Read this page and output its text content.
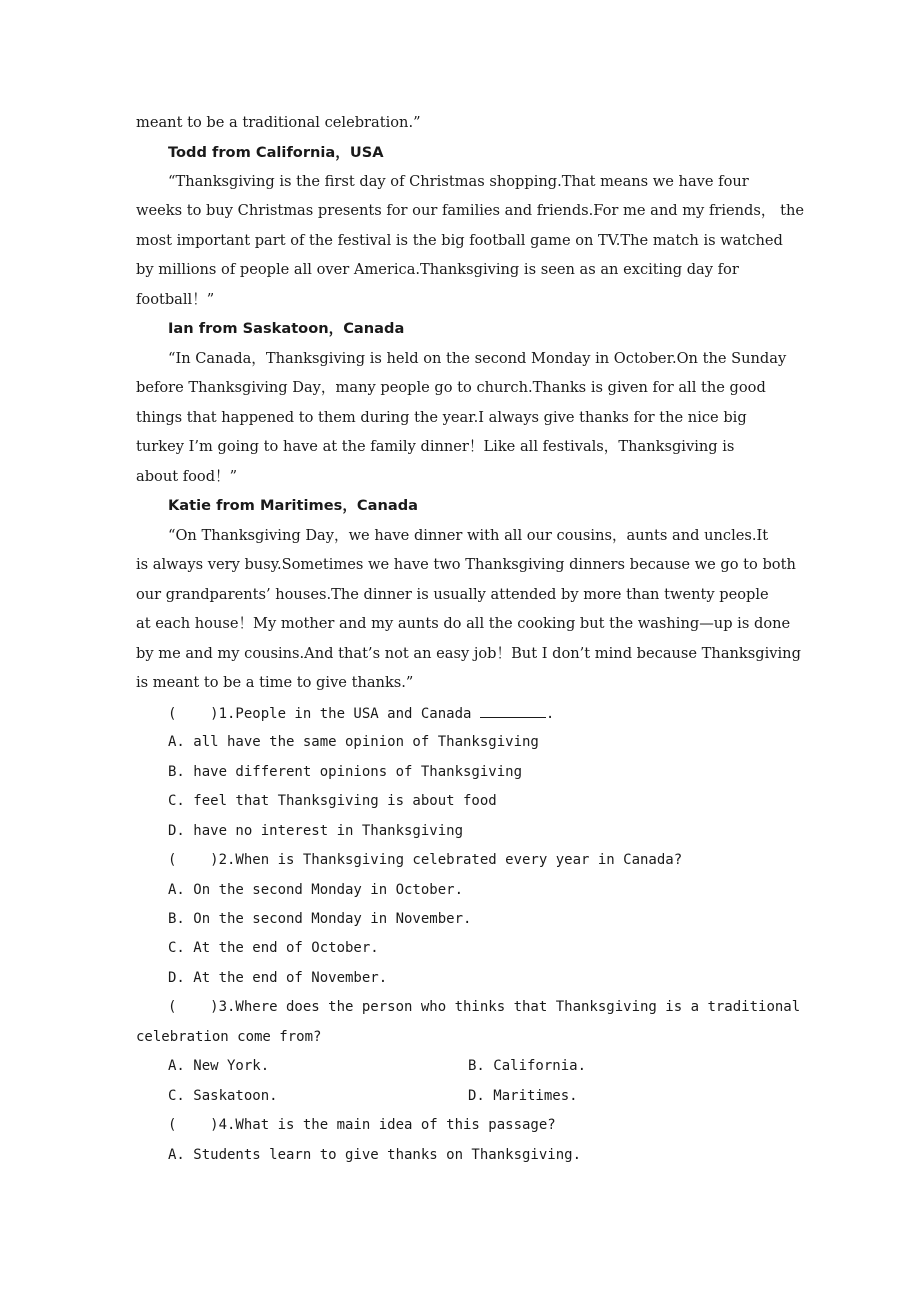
meant to be a traditional celebration.”
Todd from California，USA
“Thanksgiving is the first day of Christmas shopping.That means we have four
weeks to buy Christmas presents for our families and friends.For me and my friends， the
most important part of the festival is the big football game on TV.The match is watched
by millions of people all over America.Thanksgiving is seen as an exciting day for
football！”
Ian from Saskatoon，Canada
“In Canada，Thanksgiving is held on the second Monday in October.On the Sunday
before Thanksgiving Day，many people go to church.Thanks is given for all the good
things that happened to them during the year.I always give thanks for the nice big
turkey I’m going to have at the family dinner！Like all festivals，Thanksgiving is
about food！”
Katie from Maritimes，Canada
“On Thanksgiving Day，we have dinner with all our cousins，aunts and uncles.It
is always very busy.Sometimes we have two Thanksgiving dinners because we go to both
our grandparents’ houses.The dinner is usually attended by more than twenty people
at each house！My mother and my aunts do all the cooking but the washing—up is done
by me and my cousins.And that’s not an easy job！But I don’t mind because Thanksgiving
is meant to be a time to give thanks.”
(    )1.People in the USA and Canada	.
A. all have the same opinion of Thanksgiving
B. have different opinions of Thanksgiving
C. feel that Thanksgiving is about food
D. have no interest in Thanksgiving
(    )2.When is Thanksgiving celebrated every year in Canada?
A. On the second Monday in October.
B. On the second Monday in November.
C. At the end of October.
D. At the end of November.
(    )3.Where does the person who thinks that Thanksgiving is a traditional
celebration come from?
A. New York.	B. California.
C. Saskatoon.	D. Maritimes.
(    )4.What is the main idea of this passage?
A. Students learn to give thanks on Thanksgiving.
